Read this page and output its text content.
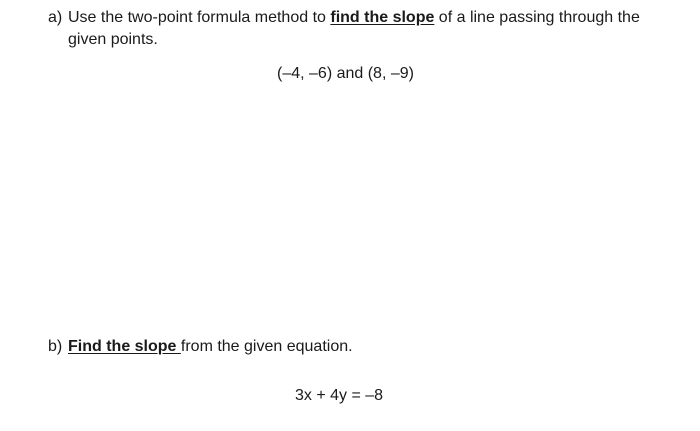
a) Use the two-point formula method to find the slope of a line passing through the given points.
(–4, –6) and (8, –9)
b) Find the slope from the given equation.
3x + 4y = –8
